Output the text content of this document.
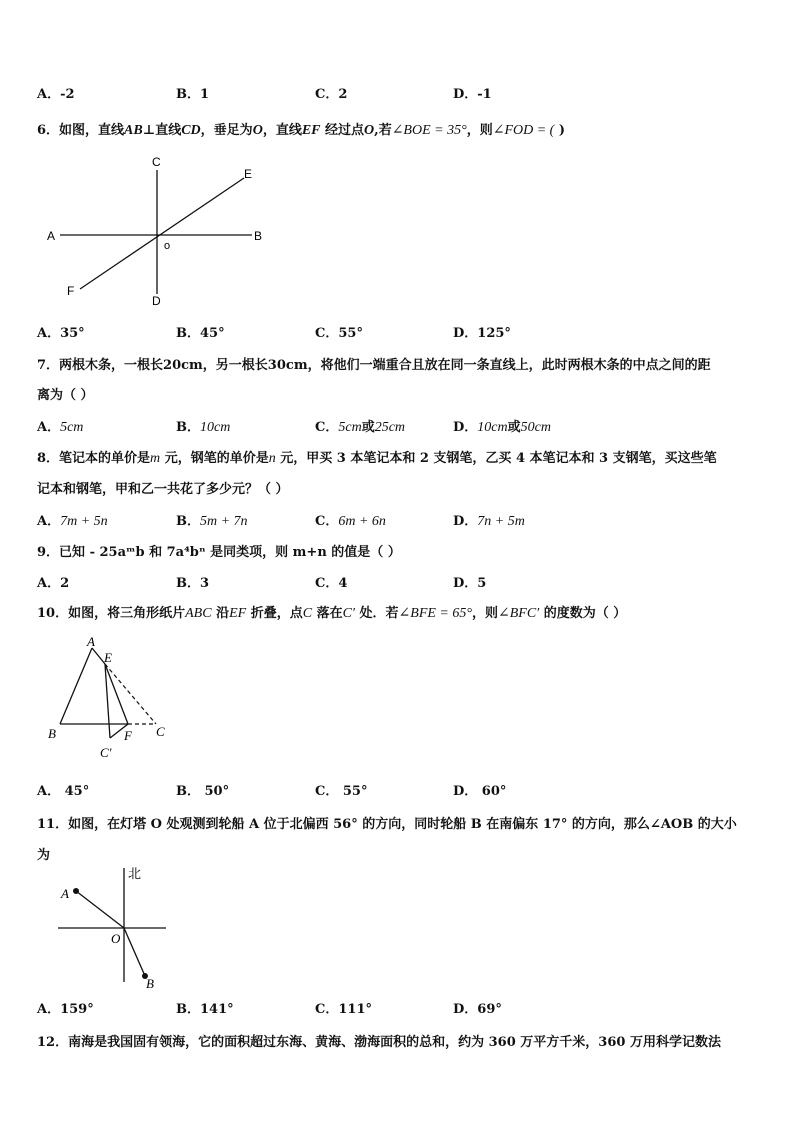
A．-2	B．1	C．2	D．-1
6．如图，直线AB⊥直线CD，垂足为O，直线EF 经过点O,若∠BOE = 35°，则∠FOD = ( )
C
E
A	B
o
F
D
A．35°	B．45°	C．55°	D．125°
7．两根木条，一根长20cm，另一根长30cm，将他们一端重合且放在同一条直线上，此时两根木条的中点之间的距
离为（ ）
A．5cm	B．10cm	C．5cm或25cm	D．10cm或50cm
8．笔记本的单价是m 元，钢笔的单价是n 元，甲买 3 本笔记本和 2 支钢笔，乙买 4 本笔记本和 3 支钢笔，买这些笔
记本和钢笔，甲和乙一共花了多少元？（ ）
A．7m + 5n	B．5m + 7n	C．6m + 6n	D．7n + 5m
9．已知 - 25aᵐb 和 7a⁴bⁿ 是同类项，则 m+n 的值是（ ）
A．2	B．3	C．4	D．5
10．如图，将三角形纸片ABC 沿EF 折叠，点C 落在C′ 处．若∠BFE = 65°，则∠BFC′ 的度数为（ ）
A
E
B	C
C′
F
A． 45°	B． 50°	C． 55°	D． 60°
11．如图，在灯塔 O 处观测到轮船 A 位于北偏西 56° 的方向，同时轮船 B 在南偏东 17° 的方向，那么∠AOB 的大小
为
北
A
O
B
A．159°	B．141°	C．111°	D．69°
12．南海是我国固有领海，它的面积超过东海、黄海、渤海面积的总和，约为 360 万平方千米，360 万用科学记数法
